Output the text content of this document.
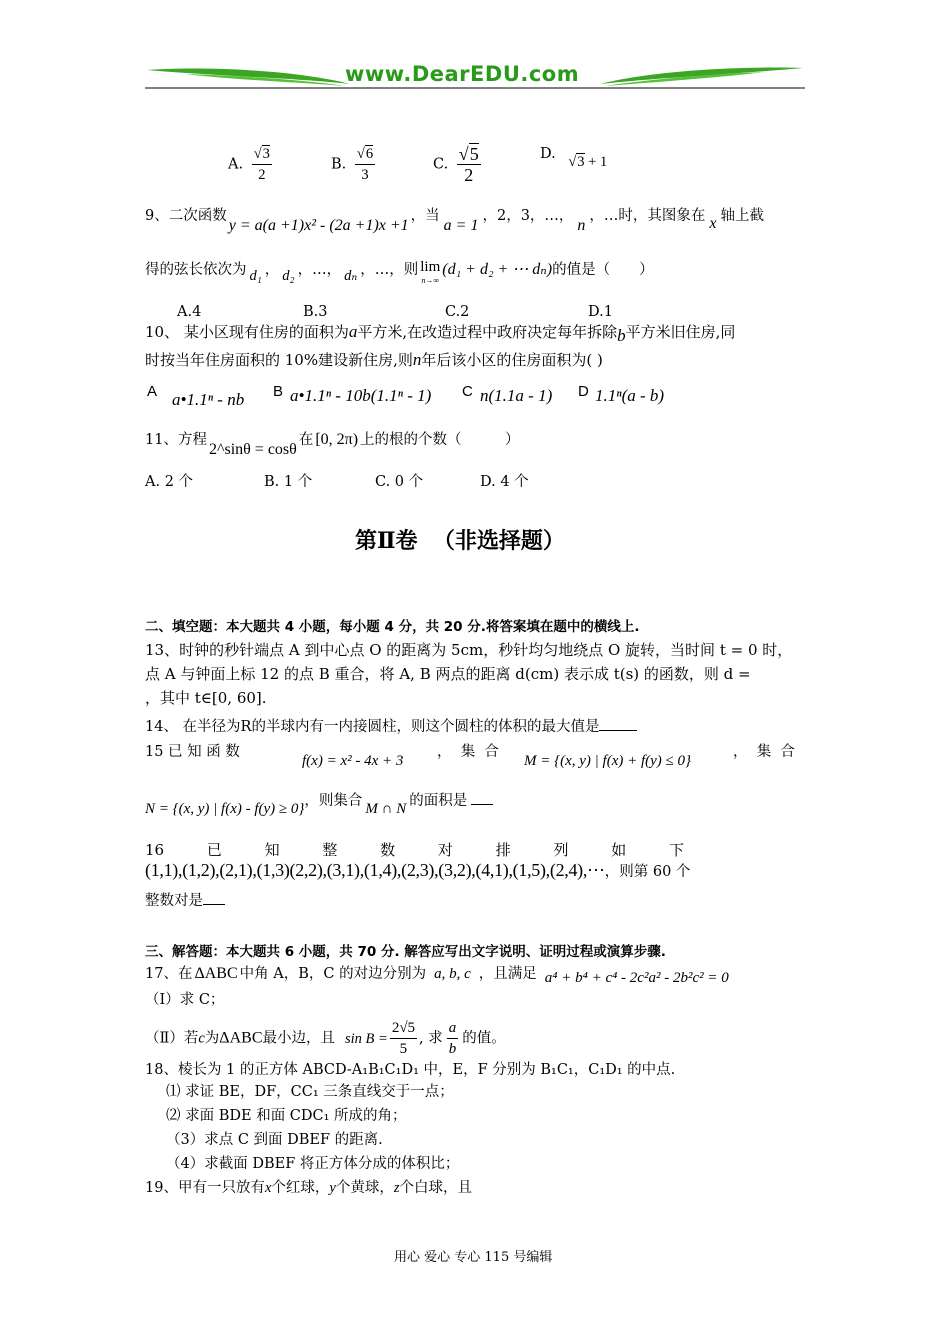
www.DearEDU.com
A. $\frac{√3}{2}$	B. $\frac{√6}{3}$	C. $\frac{√5}{2}$	D. √3 + 1
9、二次函数y = a(a +1)x² - (2a +1)x +1，当a = 1，2，3，…，n，…时，其图象在 x 轴上截
得的弦长依次为 d₁ ， d₂ ，…， dₙ ，…，则 lim
n→∞
(d₁ + d₂ + ⋯ dₙ)的值是（　　）
A.4	B.3	C.2	D.1
10、 某小区现有住房的面积为a平方米,在改造过程中政府决定每年拆除b平方米旧住房,同
时按当年住房面积的 10%建设新住房,则n年后该小区的住房面积为( )
A a•1.1ⁿ - nb B a•1.1ⁿ - 10b(1.1ⁿ - 1) C n(1.1a - 1) D 1.1ⁿ(a - b)
11、方程2^sinθ = cosθ在 [0, 2π) 上的根的个数（　　　）
A. 2 个	B. 1 个	C. 0 个	D. 4 个
第Ⅱ卷  （非选择题）
二、填空题：本大题共 4 小题，每小题 4 分，共 20 分.将答案填在题中的横线上.
13、时钟的秒针端点 A 到中心点 O 的距离为 5cm，秒针均匀地绕点 O 旋转，当时间 t = 0 时，
点 A 与钟面上标 12 的点 B 重合，将 A, B 两点的距离 d(cm) 表示成 t(s) 的函数，则 d =
，其中 t∈[0, 60].
14、 在半径为R的半球内有一内接圆柱，则这个圆柱的体积的最大值是
15 已 知 函 数
f(x) = x² - 4x + 3
，  集  合
M = {(x, y) | f(x) + f(y) ≤ 0}
，  集  合
N = {(x, y) | f(x) - f(y) ≥ 0}，则集合 M ∩ N 的面积是
16 已 知 整 数 对 排 列 如 下
(1,1),(1,2),(2,1),(1,3)(2,2),(3,1),(1,4),(2,3),(3,2),(4,1),(1,5),(2,4),⋯，则第 60 个
整数对是
三、解答题：本大题共 6 小题，共 70 分. 解答应写出文字说明、证明过程或演算步骤.
17、在 ΔABC 中角 A，B，C 的对边分别为 a, b, c ，且满足 a⁴ + b⁴ + c⁴ - 2c²a² - 2b²c² = 0
（Ⅰ）求 C；
（Ⅱ）若c为ΔABC最小边，且 $\sin B = \frac{2√5}{5}$ , 求 $\frac{a}{b}$ 的值。
18、棱长为 1 的正方体 ABCD-A₁B₁C₁D₁ 中，E，F 分别为 B₁C₁，C₁D₁ 的中点.
⑴ 求证 BE，DF，CC₁ 三条直线交于一点；
⑵ 求面 BDE 和面 CDC₁ 所成的角；
（3）求点 C 到面 DBEF 的距离.
（4）求截面 DBEF 将正方体分成的体积比；
19、甲有一只放有x个红球，y个黄球，z个白球，且
用心 爱心 专心 115 号编辑
